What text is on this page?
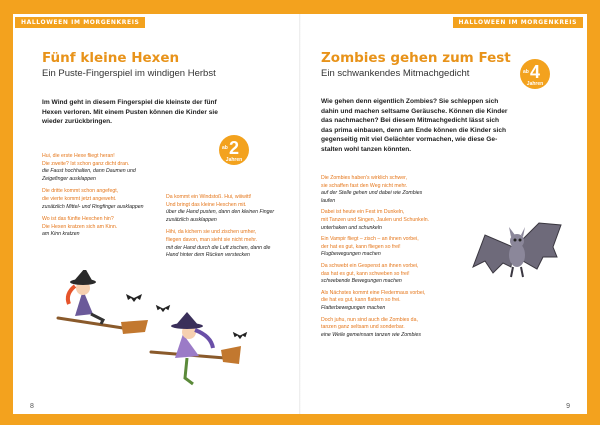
HALLOWEEN IM MORGENKREIS
Fünf kleine Hexen
Ein Puste-Fingerspiel im windigen Herbst
Im Wind geht in diesem Fingerspiel die kleinste der fünf
Hexen verloren. Mit einem Pusten können die Kinder sie
wieder zurückbringen.
ab 2
Jahren
Hui, die erste Hexe fliegt heran!
Die zweite? Ist schon ganz dicht dran.
die Faust hochhalten, dann Daumen und
Zeigefinger ausklappen
Die dritte kommt schon angefegt,
die vierte kommt jetzt angeweht.
zusätzlich Mittel- und Ringfinger ausklappen
Wo ist das fünfte Hexchen hin?
Die Hexen kratzen sich am Kinn.
am Kinn kratzen
Da kommt ein Windstoß. Hui, wiiiwitt!
Und bringt das kleine Hexchen mit.
über die Hand pusten, dann den kleinen Finger
zusätzlich ausklappen
Hihi, da kichern sie und zischen umher,
fliegen davon, man sieht sie nicht mehr.
mit der Hand durch die Luft zischen, dann die
Hand hinter dem Rücken verstecken
8
HALLOWEEN IM MORGENKREIS
Zombies gehen zum Fest
Ein schwankendes Mitmachgedicht	ab 4
Jahren
Wie gehen denn eigentlich Zombies? Sie schleppen sich
dahin und machen seltsame Geräusche. Können die Kinder
das nachmachen? Bei diesem Mitmachgedicht lässt sich
das prima einbauen, denn am Ende können die Kinder sich
gegenseitig mit viel Gelächter vormachen, wie diese Ge-
stalten wohl tanzen könnten.
Die Zombies haben's wirklich schwer,
sie schaffen fast den Weg nicht mehr.
auf der Stelle gehen und dabei wie Zombies
laufen
Dabei ist heute ein Fest im Dunkeln,
mit Tanzen und Singen, Jaulen und Schunkeln.
unterhaken und schunkeln
Ein Vampir fliegt – zisch – an ihnen vorbei,
der hat es gut, kann fliegen so frei!
Flugbewegungen machen
Da schwebt ein Gespenst an ihnen vorbei,
das hat es gut, kann schweben so frei!
schwebende Bewegungen machen
Als Nächstes kommt eine Fledermaus vorbei,
die hat es gut, kann flattern so frei.
Flatterbewegungen machen
Doch juhu, nun sind auch die Zombies da,
tanzen ganz seltsam und sonderbar.
eine Weile gemeinsam tanzen wie Zombies
9
